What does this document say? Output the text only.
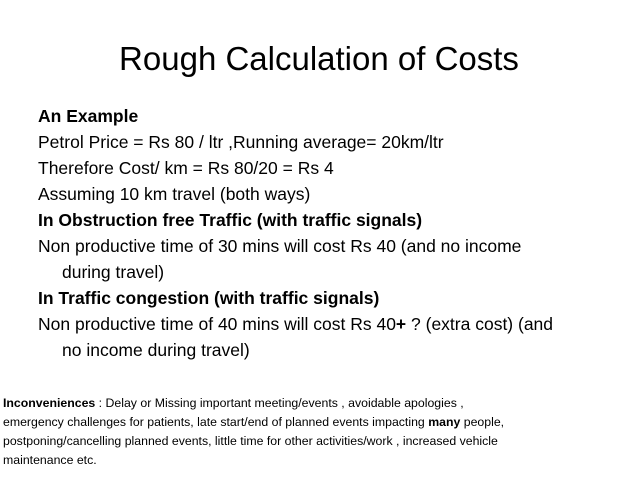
Rough Calculation of Costs
An Example
Petrol Price = Rs 80 / ltr ,Running average= 20km/ltr
Therefore Cost/ km = Rs 80/20 = Rs 4
Assuming 10 km travel (both ways)
In Obstruction free Traffic (with traffic signals)
Non productive time of 30 mins will cost Rs 40 (and no income
during travel)
In Traffic congestion (with traffic signals)
Non productive time of 40 mins will cost Rs 40+ ? (extra cost) (and
no income during travel)
Inconveniences : Delay or Missing important meeting/events , avoidable apologies ,
emergency challenges for patients, late start/end of planned events impacting many people,
postponing/cancelling planned events, little time for other activities/work , increased vehicle
maintenance etc.
